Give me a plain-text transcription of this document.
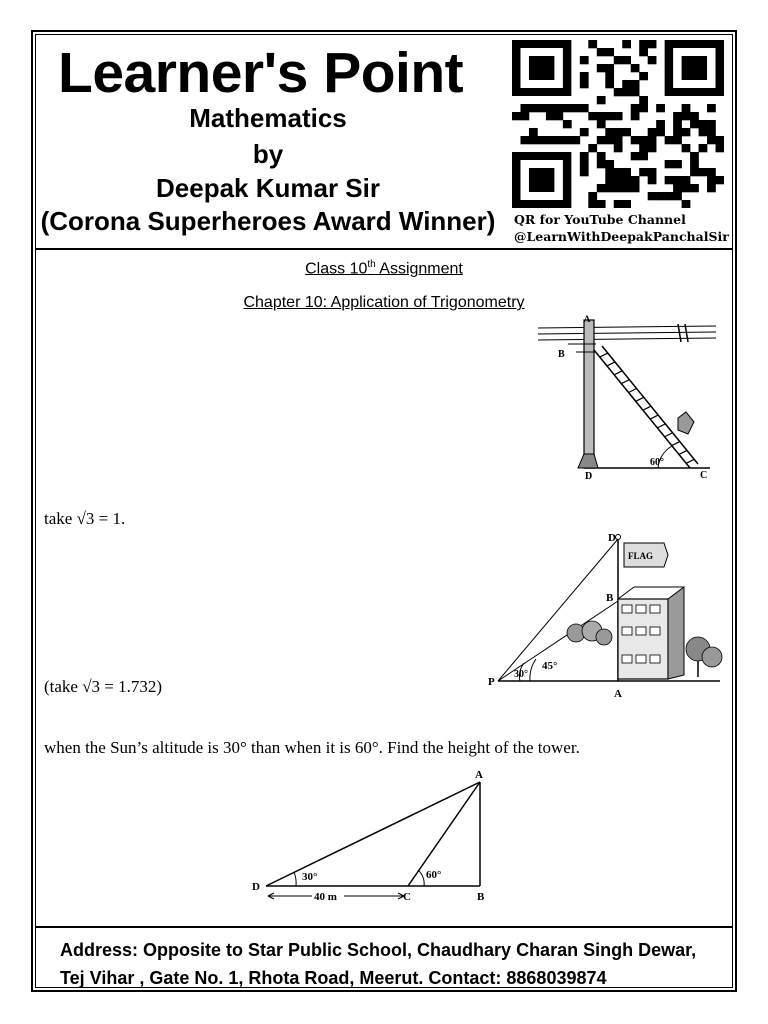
Learner's Point
Mathematics
by
Deepak Kumar Sir
(Corona Superheroes Award Winner) QR for YouTube Channel
@LearnWithDeepakPanchalSir
Class 10th Assignment
Chapter 10: Application of Trigonometry
A
B
C
D
60°
take √3 = 1.
D
B
P
A
FLAG
30°
45°
(take √3 = 1.732)
when the Sun’s altitude is 30° than when it is 60°. Find the height of the tower.
A
B
C
D
30°	60°
40 m
Address: Opposite to Star Public School, Chaudhary Charan Singh Dewar,
Tej Vihar , Gate No. 1, Rhota Road, Meerut. Contact: 8868039874
